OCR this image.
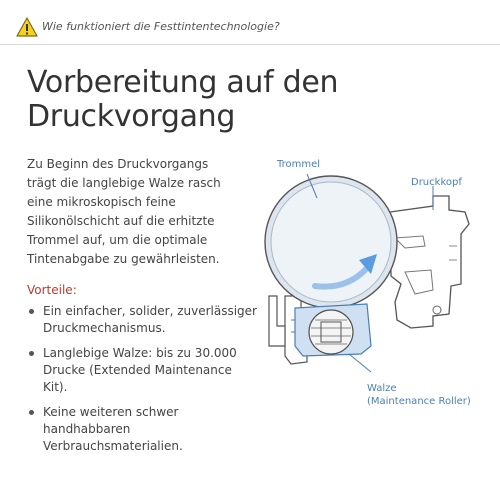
Wie funktioniert die Festtintentechnologie?
Vorbereitung auf den
Druckvorgang

Zu Beginn des Druckvorgangs
trägt die langlebige Walze rasch
eine mikroskopisch feine
Silikonölschicht auf die erhitzte
Trommel auf, um die optimale
Tintenabgabe zu gewährleisten.

Vorteile:
Ein einfacher, solider, zuverlässiger
Druckmechanismus.
Langlebige Walze: bis zu 30.000
Drucke (Extended Maintenance Kit).
Keine weiteren schwer handhabbaren
Verbrauchsmaterialien.
Trommel
Druckkopf
Walze
(Maintenance Roller)
